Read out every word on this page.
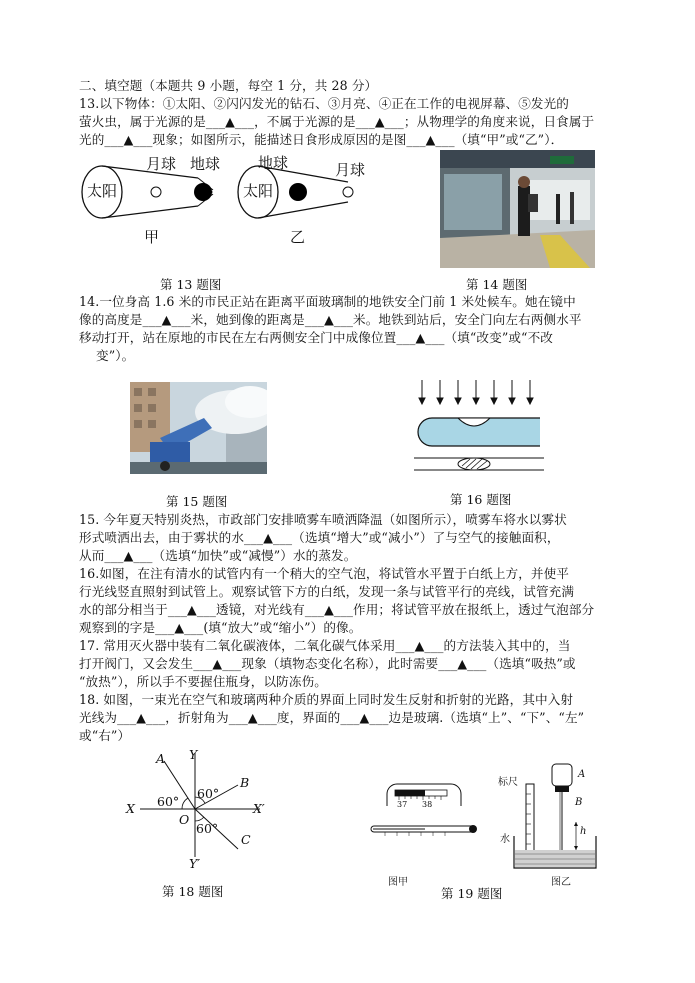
二、填空题（本题共 9 小题，每空 1 分，共 28 分）
13.以下物体：①太阳、②闪闪发光的钻石、③月亮、④正在工作的电视屏幕、⑤发光的
萤火虫，属于光源的是___▲___，不属于光源的是___▲___；从物理学的角度来说，日食属于
光的___▲___现象；如图所示，能描述日食形成原因的是图___▲___（填“甲”或“乙”）．
太阳
月球 地球
甲
太阳
地球	月球
乙
第 13 题图	第 14 题图
14.一位身高 1.6 米的市民正站在距离平面玻璃制的地铁安全门前 1 米处候车。她在镜中
像的高度是___▲___米，她到像的距离是___▲___米。地铁到站后，安全门向左右两侧水平
移动打开，站在原地的市民在左右两侧安全门中成像位置___▲___（填“改变”或“不改
变”）。
第 15 题图	第 16 题图
15. 今年夏天特别炎热，市政部门安排喷雾车喷洒降温（如图所示），喷雾车将水以雾状
形式喷洒出去，由于雾状的水___▲___（选填“增大”或“减小”）了与空气的接触面积，
从而___▲___（选填“加快”或“减慢”）水的蒸发。
16.如图，在注有清水的试管内有一个稍大的空气泡，将试管水平置于白纸上方，并使平
行光线竖直照射到试管上。观察试管下方的白纸，发现一条与试管平行的亮线，试管充满
水的部分相当于___▲___透镜，对光线有___▲___作用；将试管平放在报纸上，透过气泡部分
观察到的字是___▲___(填“放大”或“缩小”）的像。
17. 常用灭火器中装有二氧化碳液体，二氧化碳气体采用___▲___的方法装入其中的，当
打开阀门，又会发生___▲___现象（填物态变化名称），此时需要___▲___（选填“吸热”或
“放热”），所以手不要握住瓶身，以防冻伤。
18. 如图，一束光在空气和玻璃两种介质的界面上同时发生反射和折射的光路，其中入射
光线为___▲___，折射角为___▲___度，界面的___▲___边是玻璃.（选填“上”、“下”、“左”
或“右”）
A Y
B
60°
60°
X	X′
O
60°
C
Y′
37 38
图甲
标尺
A
B
h
水
图乙
第 18 题图	第 19 题图
